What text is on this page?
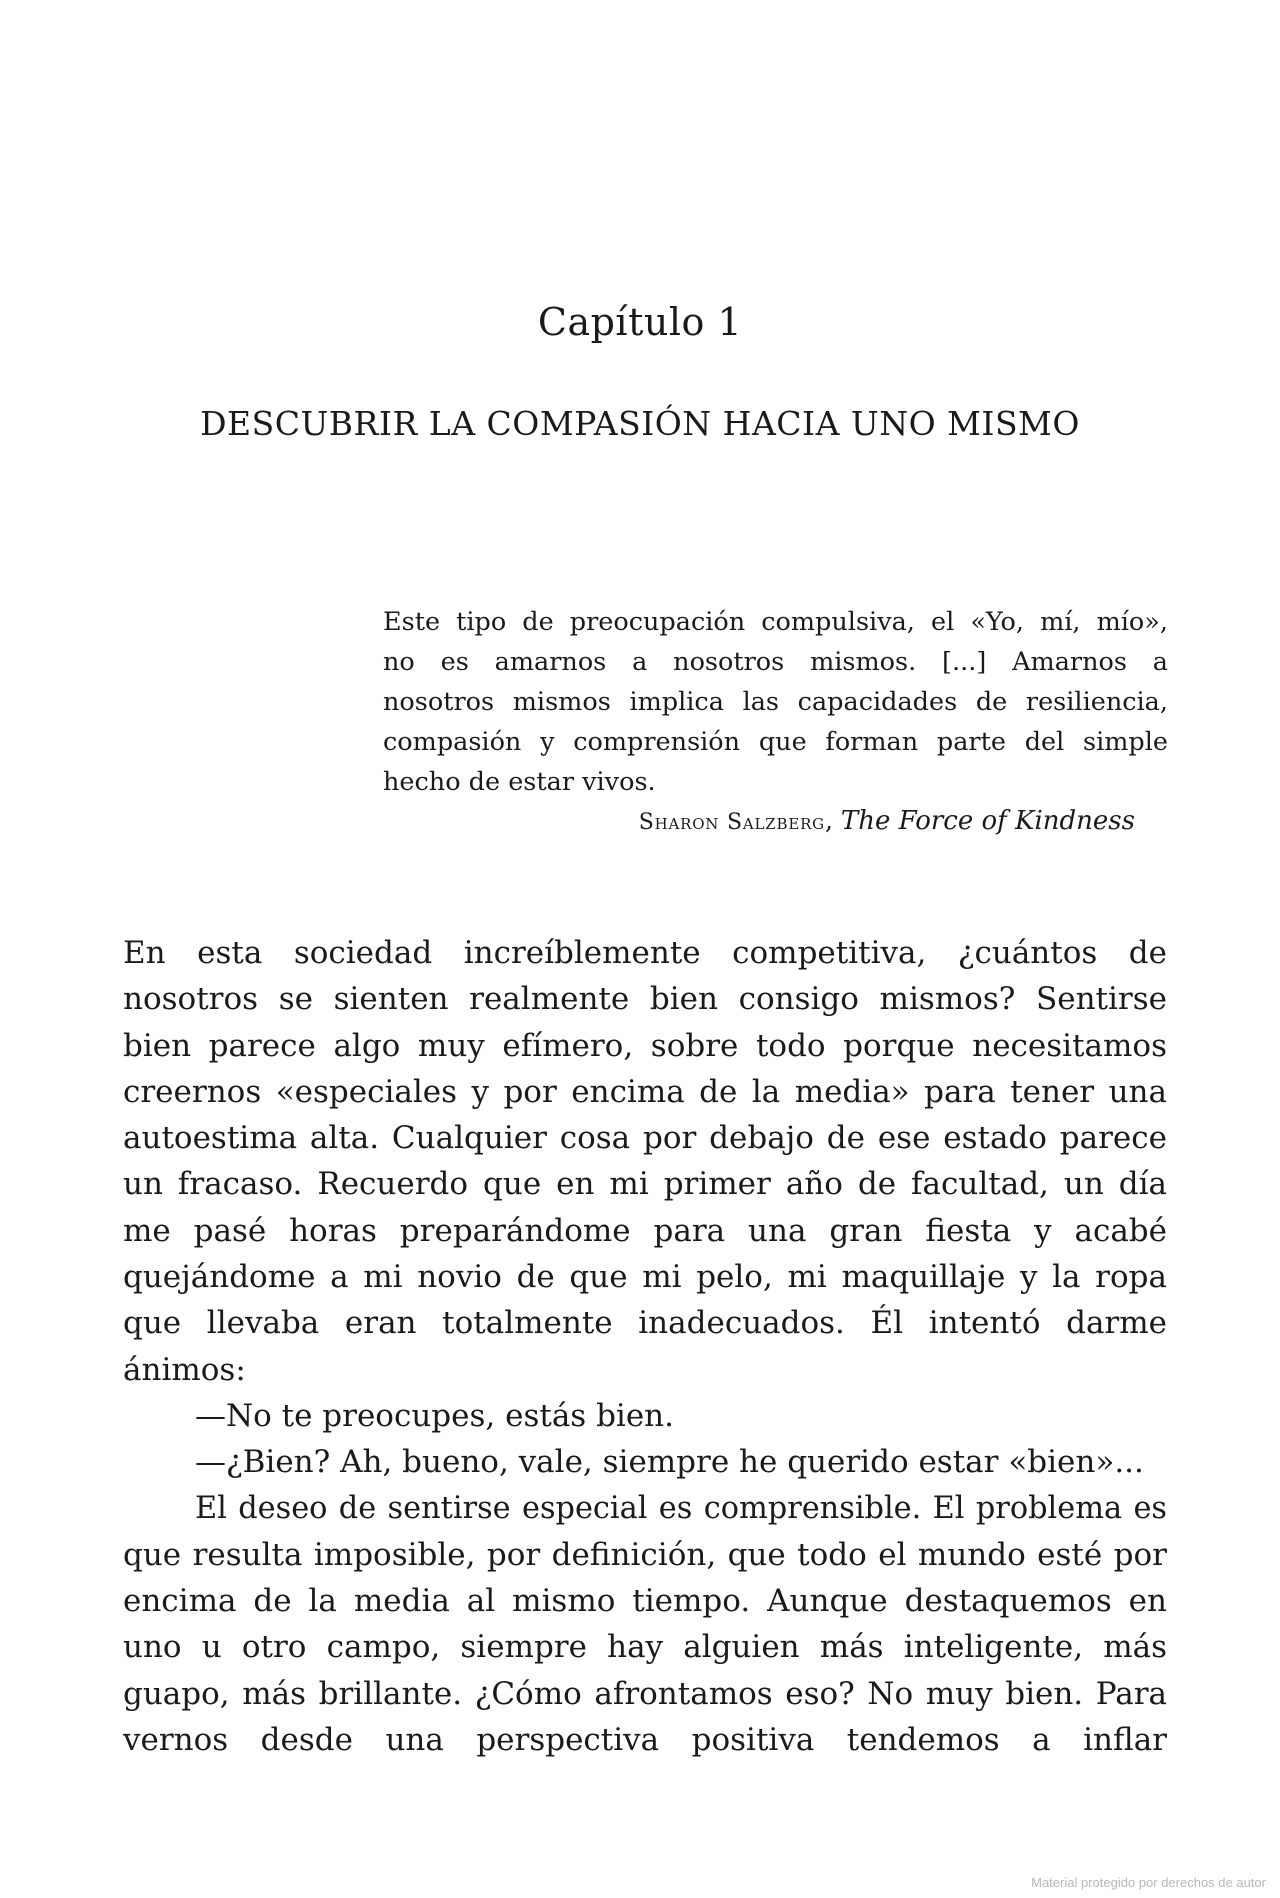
Capítulo 1
DESCUBRIR LA COMPASIÓN HACIA UNO MISMO
Este tipo de preocupación compulsiva, el «Yo, mí, mío»,
no es amarnos a nosotros mismos. [...] Amarnos a
nosotros mismos implica las capacidades de resiliencia,
compasión y comprensión que forman parte del simple
hecho de estar vivos.
Sharon Salzberg, The Force of Kindness
En esta sociedad increíblemente competitiva, ¿cuántos de
nosotros se sienten realmente bien consigo mismos? Sentirse
bien parece algo muy efímero, sobre todo porque necesitamos
creernos «especiales y por encima de la media» para tener una
autoestima alta. Cualquier cosa por debajo de ese estado parece
un fracaso. Recuerdo que en mi primer año de facultad, un día
me pasé horas preparándome para una gran fiesta y acabé
quejándome a mi novio de que mi pelo, mi maquillaje y la ropa
que llevaba eran totalmente inadecuados. Él intentó darme
ánimos:
—No te preocupes, estás bien.
—¿Bien? Ah, bueno, vale, siempre he querido estar «bien»...
El deseo de sentirse especial es comprensible. El problema es
que resulta imposible, por definición, que todo el mundo esté por
encima de la media al mismo tiempo. Aunque destaquemos en
uno u otro campo, siempre hay alguien más inteligente, más
guapo, más brillante. ¿Cómo afrontamos eso? No muy bien. Para
vernos desde una perspectiva positiva tendemos a inflar
Material protegido por derechos de autor
